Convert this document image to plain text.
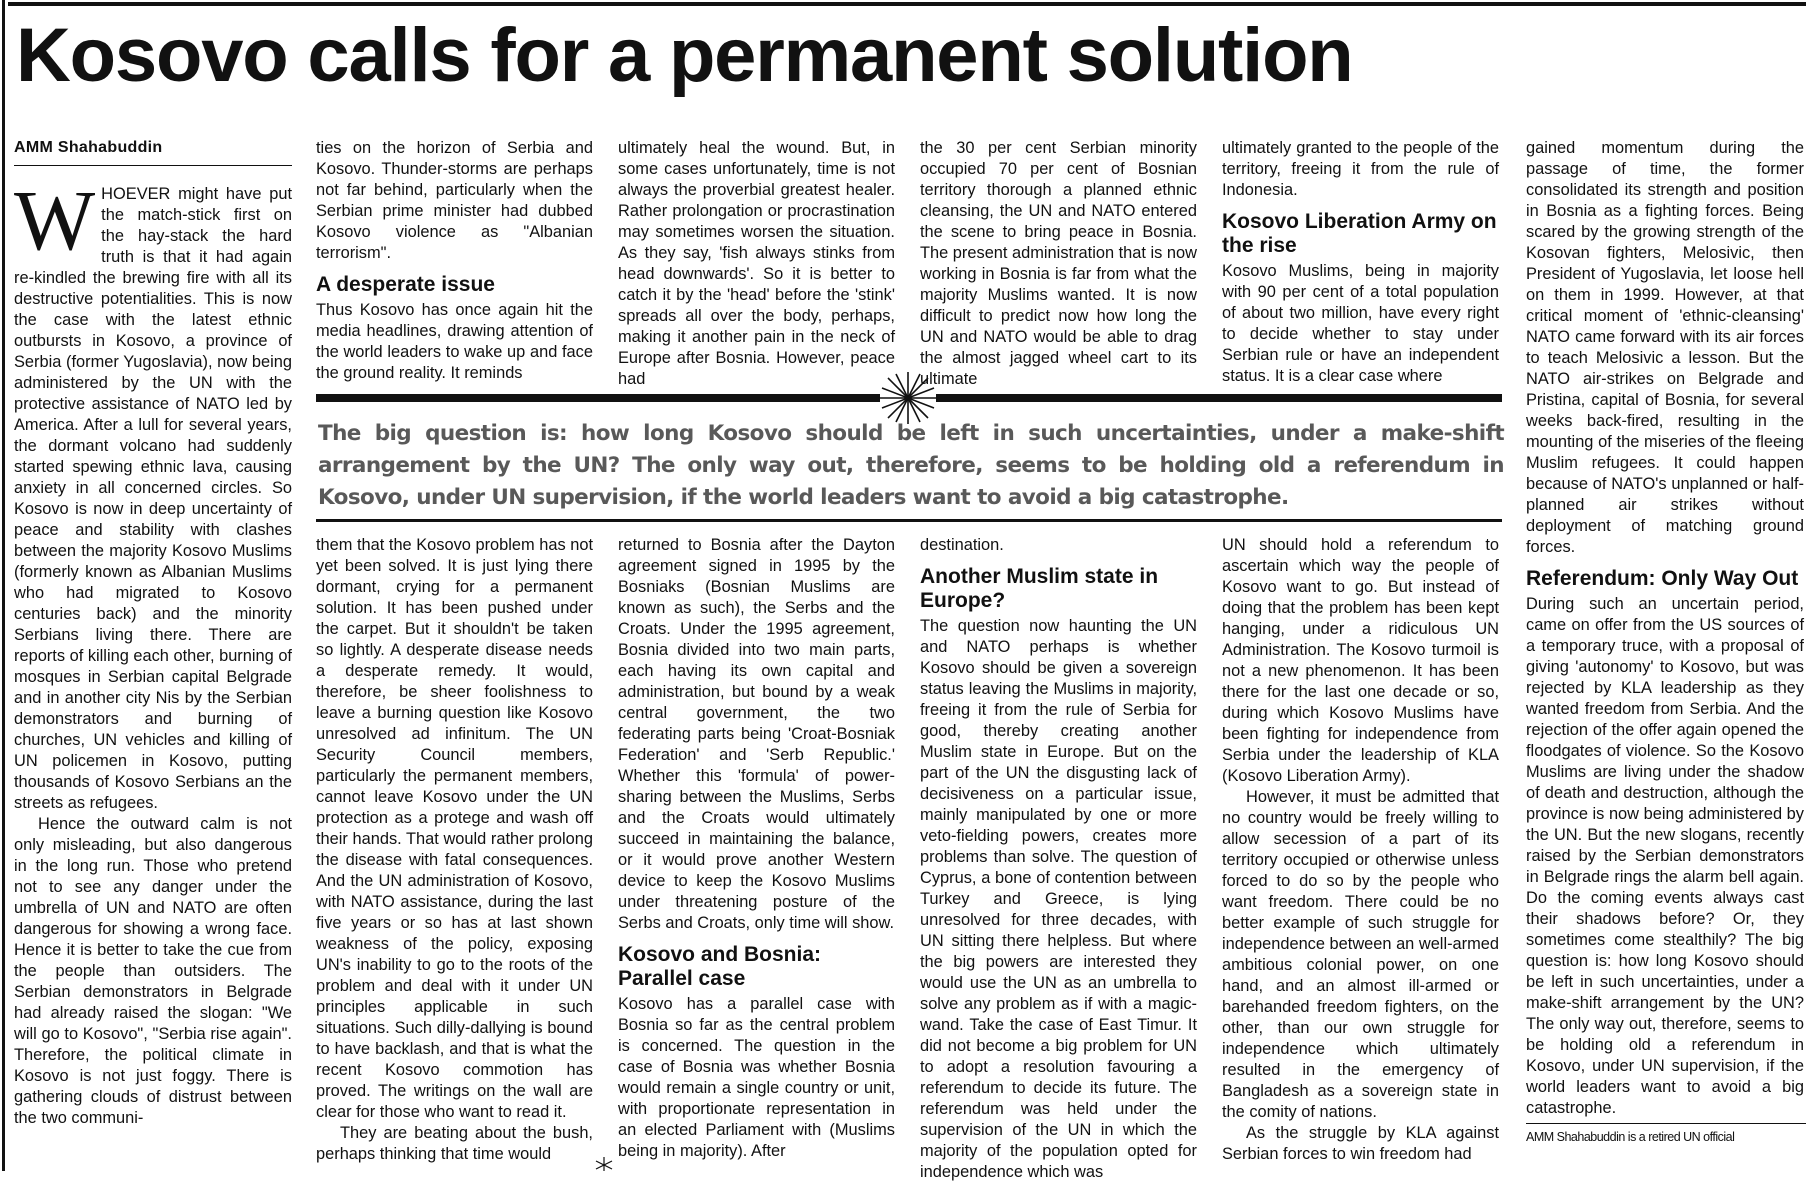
Kosovo calls for a permanent solution
AMM Shahabuddin

WHOEVER might have put the match-stick first on the hay-stack the hard truth is that it had again re-kindled the brewing fire with all its destructive potentialities. This is now the case with the latest ethnic outbursts in Kosovo, a province of Serbia (former Yugoslavia), now being administered by the UN with the protective assistance of NATO led by America. After a lull for several years, the dormant volcano had suddenly started spewing ethnic lava, causing anxiety in all concerned circles. So Kosovo is now in deep uncertainty of peace and stability with clashes between the majority Kosovo Muslims (formerly known as Albanian Muslims who had migrated to Kosovo centuries back) and the minority Serbians living there. There are reports of killing each other, burning of mosques in Serbian capital Belgrade and in another city Nis by the Serbian demonstrators and burning of churches, UN vehicles and killing of UN policemen in Kosovo, putting thousands of Kosovo Serbians an the streets as refugees.

Hence the outward calm is not only misleading, but also dangerous in the long run. Those who pretend not to see any danger under the umbrella of UN and NATO are often dangerous for showing a wrong face. Hence it is better to take the cue from the people than outsiders. The Serbian demonstrators in Belgrade had already raised the slogan: "We will go to Kosovo", "Serbia rise again". Therefore, the political climate in Kosovo is not just foggy. There is gathering clouds of distrust between the two communi-

ties on the horizon of Serbia and Kosovo. Thunder-storms are perhaps not far behind, particularly when the Serbian prime minister had dubbed Kosovo violence as "Albanian terrorism".

A desperate issue

Thus Kosovo has once again hit the media headlines, drawing attention of the world leaders to wake up and face the ground reality. It reminds

ultimately heal the wound. But, in some cases unfortunately, time is not always the proverbial greatest healer. Rather prolongation or procrastination may sometimes worsen the situation. As they say, 'fish always stinks from head downwards'. So it is better to catch it by the 'head' before the 'stink' spreads all over the body, perhaps, making it another pain in the neck of Europe after Bosnia. However, peace had

the 30 per cent Serbian minority occupied 70 per cent of Bosnian territory thorough a planned ethnic cleansing, the UN and NATO entered the scene to bring peace in Bosnia. The present administration that is now working in Bosnia is far from what the majority Muslims wanted. It is now difficult to predict now how long the UN and NATO would be able to drag the almost jagged wheel cart to its ultimate

ultimately granted to the people of the territory, freeing it from the rule of Indonesia.

Kosovo Liberation Army on the rise

Kosovo Muslims, being in majority with 90 per cent of a total population of about two million, have every right to decide whether to stay under Serbian rule or have an independent status. It is a clear case where

The big question is: how long Kosovo should be left in such uncertainties, under a make-shift arrangement by the UN? The only way out, therefore, seems to be holding old a referendum in Kosovo, under UN supervision, if the world leaders want to avoid a big catastrophe.

them that the Kosovo problem has not yet been solved. It is just lying there dormant, crying for a permanent solution. It has been pushed under the carpet. But it shouldn't be taken so lightly. A desperate disease needs a desperate remedy. It would, therefore, be sheer foolishness to leave a burning question like Kosovo unresolved ad infinitum. The UN Security Council members, particularly the permanent members, cannot leave Kosovo under the UN protection as a protege and wash off their hands. That would rather prolong the disease with fatal consequences. And the UN administration of Kosovo, with NATO assistance, during the last five years or so has at last shown weakness of the policy, exposing UN's inability to go to the roots of the problem and deal with it under UN principles applicable in such situations. Such dilly-dallying is bound to have backlash, and that is what the recent Kosovo commotion has proved. The writings on the wall are clear for those who want to read it.

They are beating about the bush, perhaps thinking that time would

returned to Bosnia after the Dayton agreement signed in 1995 by the Bosniaks (Bosnian Muslims are known as such), the Serbs and the Croats. Under the 1995 agreement, Bosnia divided into two main parts, each having its own capital and administration, but bound by a weak central government, the two federating parts being 'Croat-Bosniak Federation' and 'Serb Republic.' Whether this 'formula' of power-sharing between the Muslims, Serbs and the Croats would ultimately succeed in maintaining the balance, or it would prove another Western device to keep the Kosovo Muslims under threatening posture of the Serbs and Croats, only time will show.

Kosovo and Bosnia: Parallel case

Kosovo has a parallel case with Bosnia so far as the central problem is concerned. The question in the case of Bosnia was whether Bosnia would remain a single country or unit, with proportionate representation in an elected Parliament with (Muslims being in majority). After

destination.

Another Muslim state in Europe?

The question now haunting the UN and NATO perhaps is whether Kosovo should be given a sovereign status leaving the Muslims in majority, freeing it from the rule of Serbia for good, thereby creating another Muslim state in Europe. But on the part of the UN the disgusting lack of decisiveness on a particular issue, mainly manipulated by one or more veto-fielding powers, creates more problems than solve. The question of Cyprus, a bone of contention between Turkey and Greece, is lying unresolved for three decades, with UN sitting there helpless. But where the big powers are interested they would use the UN as an umbrella to solve any problem as if with a magic-wand. Take the case of East Timur. It did not become a big problem for UN to adopt a resolution favouring a referendum to decide its future. The referendum was held under the supervision of the UN in which the majority of the population opted for independence which was

UN should hold a referendum to ascertain which way the people of Kosovo want to go. But instead of doing that the problem has been kept hanging, under a ridiculous UN Administration. The Kosovo turmoil is not a new phenomenon. It has been there for the last one decade or so, during which Kosovo Muslims have been fighting for independence from Serbia under the leadership of KLA (Kosovo Liberation Army).

However, it must be admitted that no country would be freely willing to allow secession of a part of its territory occupied or otherwise unless forced to do so by the people who want freedom. There could be no better example of such struggle for independence between an well-armed ambitious colonial power, on one hand, and an almost ill-armed or barehanded freedom fighters, on the other, than our own struggle for independence which ultimately resulted in the emergency of Bangladesh as a sovereign state in the comity of nations.

As the struggle by KLA against Serbian forces to win freedom had

gained momentum during the passage of time, the former consolidated its strength and position in Bosnia as a fighting forces. Being scared by the growing strength of the Kosovan fighters, Melosivic, then President of Yugoslavia, let loose hell on them in 1999. However, at that critical moment of 'ethnic-cleansing' NATO came forward with its air forces to teach Melosivic a lesson. But the NATO air-strikes on Belgrade and Pristina, capital of Bosnia, for several weeks back-fired, resulting in the mounting of the miseries of the fleeing Muslim refugees. It could happen because of NATO's unplanned or half-planned air strikes without deployment of matching ground forces.

Referendum: Only Way Out

During such an uncertain period, came on offer from the US sources of a temporary truce, with a proposal of giving 'autonomy' to Kosovo, but was rejected by KLA leadership as they wanted freedom from Serbia. And the rejection of the offer again opened the floodgates of violence. So the Kosovo Muslims are living under the shadow of death and destruction, although the province is now being administered by the UN. But the new slogans, recently raised by the Serbian demonstrators in Belgrade rings the alarm bell again. Do the coming events always cast their shadows before? Or, they sometimes come stealthily? The big question is: how long Kosovo should be left in such uncertainties, under a make-shift arrangement by the UN? The only way out, therefore, seems to be holding old a referendum in Kosovo, under UN supervision, if the world leaders want to avoid a big catastrophe.

AMM Shahabuddin is a retired UN official
